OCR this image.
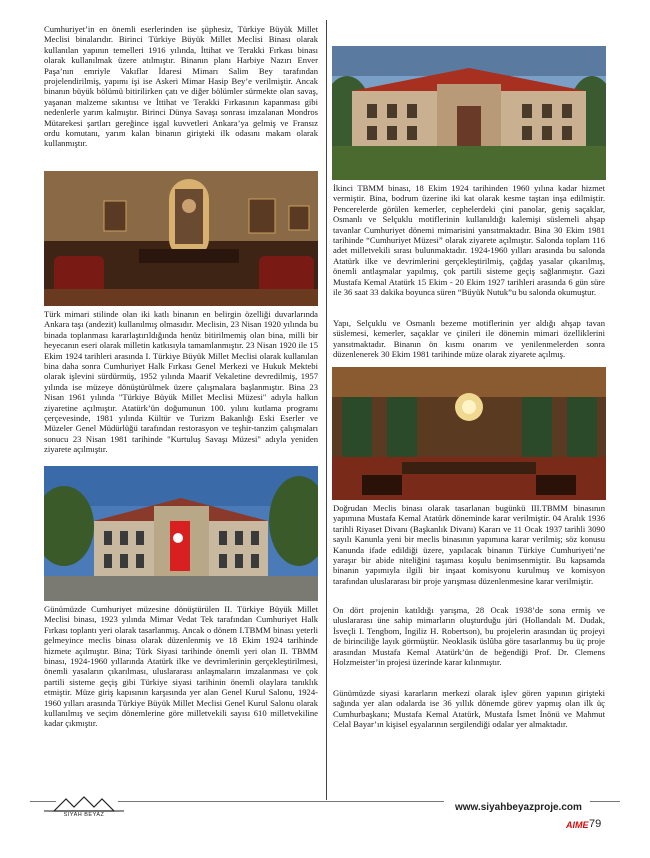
Cumhuriyet’in en önemli eserlerinden ise şüphesiz, Türkiye Büyük Millet Meclisi binalarıdır. Birinci Türkiye Büyük Millet Meclisi Binası olarak kullanılan yapının temelleri 1916 yılında, İttihat ve Terakki Fırkası binası olarak kullanılmak üzere atılmıştır. Binanın planı Harbiye Nazırı Enver Paşa’nın emriyle Vakıflar İdaresi Mimarı Salim Bey tarafından projelendirilmiş, yapımı işi ise Askeri Mimar Hasip Bey’e verilmiştir. Ancak binanın büyük bölümü bitirilirken çatı ve diğer bölümler sürmekte olan savaş, yaşanan malzeme sıkıntısı ve İttihat ve Terakki Fırkasının kapanması gibi nedenlerle yarım kalmıştır. Birinci Dünya Savaşı sonrası imzalanan Mondros Mütarekesi şartları gereğince işgal kuvvetleri Ankara’ya gelmiş ve Fransız ordu komutanı, yarım kalan binanın girişteki ilk odasını makam olarak kullanmıştır.

Türk mimari stilinde olan iki katlı binanın en belirgin özelliği duvarlarında Ankara taşı (andezit) kullanılmış olmasıdır. Meclisin, 23 Nisan 1920 yılında bu binada toplanması kararlaştırıldığında henüz bitirilmemiş olan bina, milli bir heyecanın eseri olarak milletin katkısıyla tamamlanmıştır. 23 Nisan 1920 ile 15 Ekim 1924 tarihleri arasında I. Türkiye Büyük Millet Meclisi olarak kullanılan bina daha sonra Cumhuriyet Halk Fırkası Genel Merkezi ve Hukuk Mektebi olarak işlevini sürdürmüş, 1952 yılında Maarif Vekaletine devredilmiş, 1957 yılında ise müzeye dönüştürülmek üzere çalışmalara başlanmıştır. Bina 23 Nisan 1961 yılında "Türkiye Büyük Millet Meclisi Müzesi" adıyla halkın ziyaretine açılmıştır. Atatürk’ün doğumunun 100. yılını kutlama programı çerçevesinde, 1981 yılında Kültür ve Turizm Bakanlığı Eski Eserler ve Müzeler Genel Müdürlüğü tarafından restorasyon ve teşhir-tanzim çalışmaları sonucu 23 Nisan 1981 tarihinde "Kurtuluş Savaşı Müzesi" adıyla yeniden ziyarete açılmıştır.

Günümüzde Cumhuriyet müzesine dönüştürülen II. Türkiye Büyük Millet Meclisi binası, 1923 yılında Mimar Vedat Tek tarafından Cumhuriyet Halk Fırkası toplantı yeri olarak tasarlanmış. Ancak o dönem I.TBMM binası yeterli gelmeyince meclis binası olarak düzenlenmiş ve 18 Ekim 1924 tarihinde hizmete açılmıştır. Bina; Türk Siyasi tarihinde önemli yeri olan II. TBMM binası, 1924-1960 yıllarında Atatürk ilke ve devrimlerinin gerçekleştirilmesi, önemli yasaların çıkarılması, uluslararası anlaşmaların imzalanması ve çok partili sisteme geçiş gibi Türkiye siyasi tarihinin önemli olaylara tanıklık etmiştir. Müze giriş kapısının karşısında yer alan Genel Kurul Salonu, 1924-1960 yılları arasında Türkiye Büyük Millet Meclisi Genel Kurul Salonu olarak kullanılmış ve seçim dönemlerine göre milletvekili sayısı 610 milletvekiline kadar çıkmıştır.

İkinci TBMM binası, 18 Ekim 1924 tarihinden 1960 yılına kadar hizmet vermiştir. Bina, bodrum üzerine iki kat olarak kesme taştan inşa edilmiştir. Pencerelerde görülen kemerler, cephelerdeki çini panolar, geniş saçaklar, Osmanlı ve Selçuklu motiflerinin kullanıldığı kalemişi süslemeli ahşap tavanlar Cumhuriyet dönemi mimarisini yansıtmaktadır. Bina 30 Ekim 1981 tarihinde “Cumhuriyet Müzesi” olarak ziyarete açılmıştır. Salonda toplam 116 adet milletvekili sırası bulunmaktadır. 1924-1960 yılları arasında bu salonda Atatürk ilke ve devrimlerini gerçekleştirilmiş, çağdaş yasalar çıkarılmış, önemli antlaşmalar yapılmış, çok partili sisteme geçiş sağlanmıştır. Gazi Mustafa Kemal Atatürk 15 Ekim - 20 Ekim 1927 tarihleri arasında 6 gün süre ile 36 saat 33 dakika boyunca süren “Büyük Nutuk”u bu salonda okumuştur.

Yapı, Selçuklu ve Osmanlı bezeme motiflerinin yer aldığı ahşap tavan süslemesi, kemerler, saçaklar ve çinileri ile dönemin mimari özelliklerini yansıtmaktadır. Binanın ön kısmı onarım ve yenilenmelerden sonra düzenlenerek 30 Ekim 1981 tarihinde müze olarak ziyarete açılmış.

Doğrudan Meclis binası olarak tasarlanan bugünkü III.TBMM binasının yapımına Mustafa Kemal Atatürk döneminde karar verilmiştir. 04 Aralık 1936 tarihli Riyaset Divanı (Başkanlık Divanı) Kararı ve 11 Ocak 1937 tarihli 3090 sayılı Kanunla yeni bir meclis binasının yapımına karar verilmiş; söz konusu Kanunda ifade edildiği üzere, yapılacak binanın Türkiye Cumhuriyeti’ne yaraşır bir abide niteliğini taşıması koşulu benimsenmiştir. Bu kapsamda binanın yapımıyla ilgili bir inşaat komisyonu kurulmuş ve komisyon tarafından uluslararası bir proje yarışması düzenlenmesine karar verilmiştir.

On dört projenin katıldığı yarışma, 28 Ocak 1938’de sona ermiş ve uluslararası üne sahip mimarların oluşturduğu jüri (Hollandalı M. Dudak, İsveçli I. Tengbom, İngiliz H. Robertson), bu projelerin arasından üç projeyi de birinciliğe layık görmüştür. Neoklasik üslûba göre tasarlanmış bu üç proje arasından Mustafa Kemal Atatürk’ün de beğendiği Prof. Dr. Clemens Holzmeister’in projesi üzerinde karar kılınmıştır.

Günümüzde siyasi kararların merkezi olarak işlev gören yapının girişteki sağında yer alan odalarda ise 36 yıllık dönemde görev yapmış olan ilk üç Cumhurbaşkanı; Mustafa Kemal Atatürk, Mustafa İsmet İnönü ve Mahmut Celal Bayar’ın kişisel eşyalarının sergilendiği odalar yer almaktadır.

SİYAH BEYAZ
www.siyahbeyazproje.com
AIME 79
